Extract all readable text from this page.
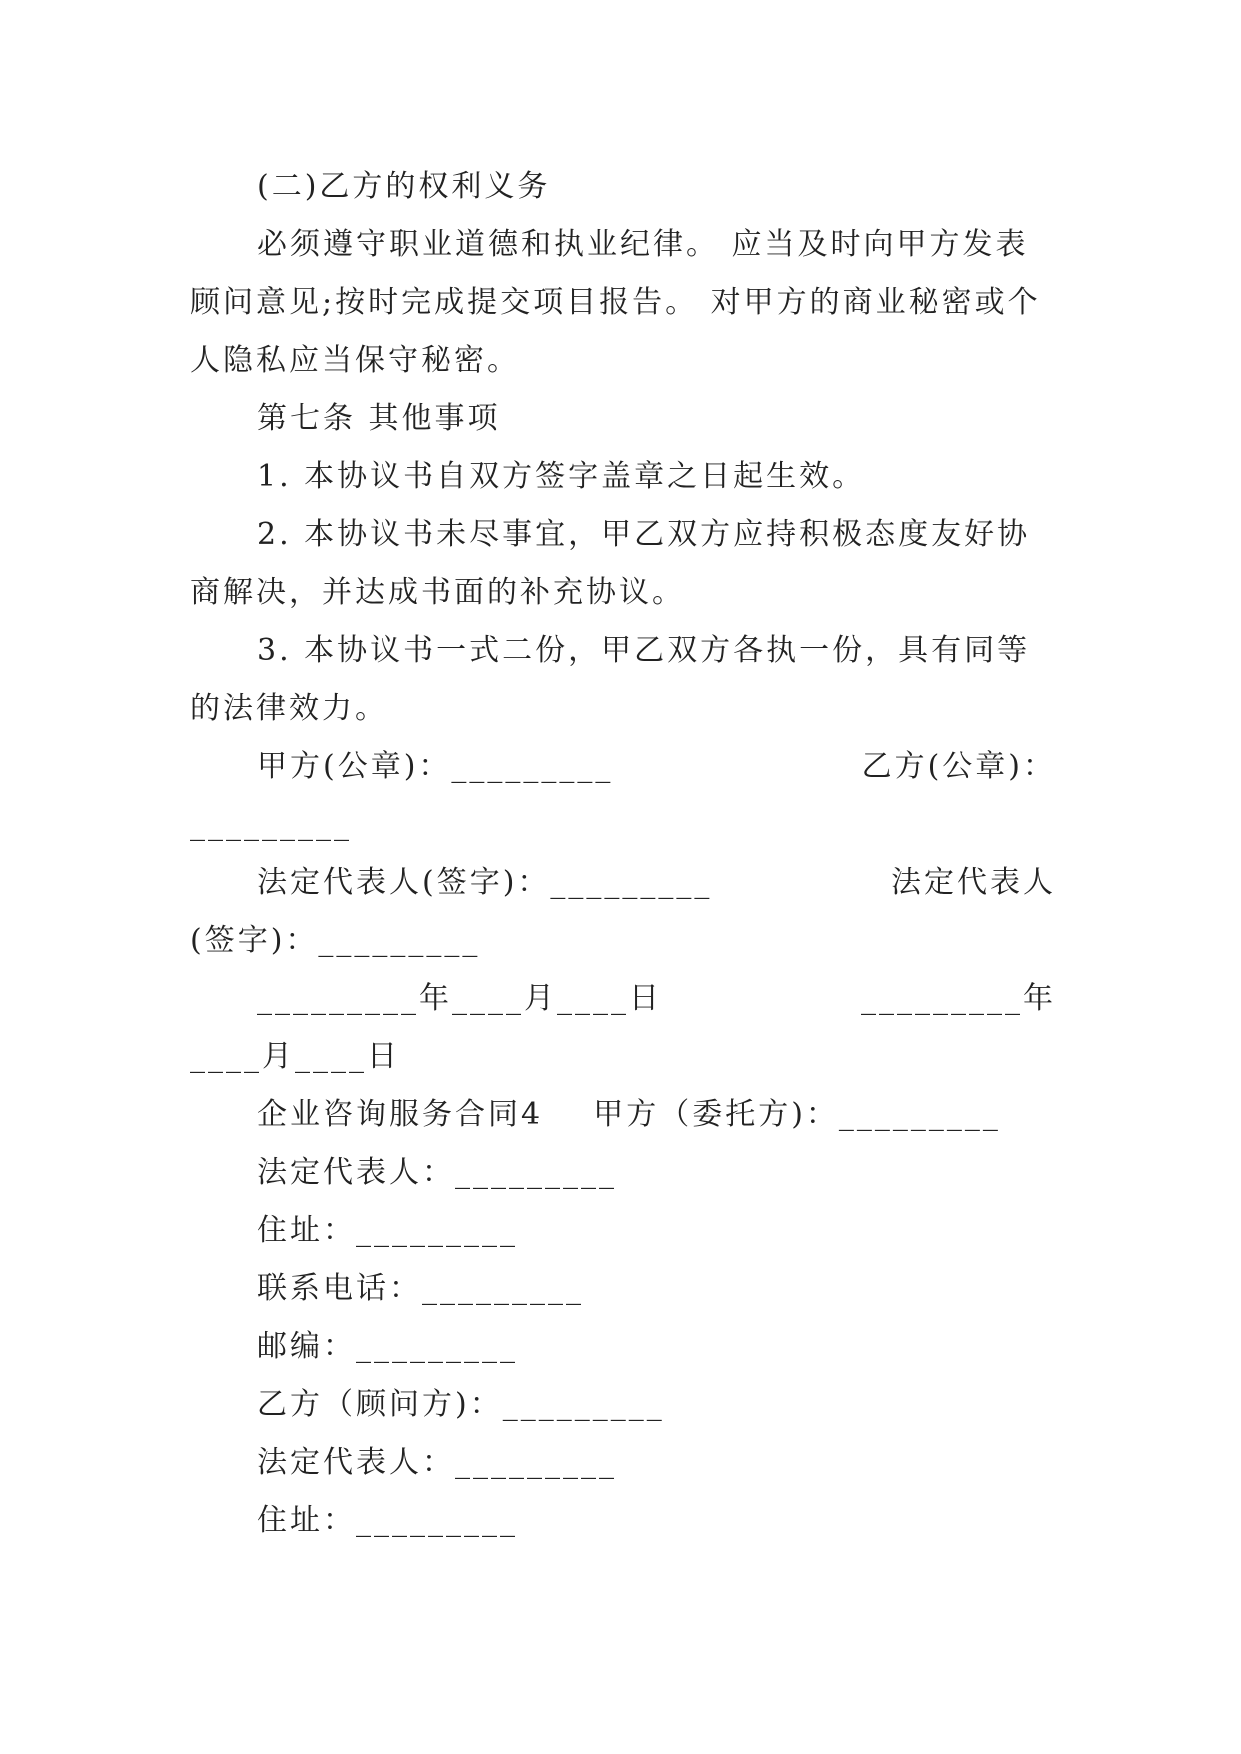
(二)乙方的权利义务
必须遵守职业道德和执业纪律。 应当及时向甲方发表
顾问意见;按时完成提交项目报告。 对甲方的商业秘密或个
人隐私应当保守秘密。
第七条 其他事项
1. 本协议书自双方签字盖章之日起生效。
2. 本协议书未尽事宜，甲乙双方应持积极态度友好协
商解决，并达成书面的补充协议。
3. 本协议书一式二份，甲乙双方各执一份，具有同等
的法律效力。
甲方(公章)：_________	乙方(公章)：
_________
法定代表人(签字)：_________	法定代表人
(签字)：_________
_________年____月____日	_________年
____月____日
企业咨询服务合同4    甲方（委托方)：_________
法定代表人：_________
住址：_________
联系电话：_________
邮编：_________
乙方（顾问方)：_________
法定代表人：_________
住址：_________
